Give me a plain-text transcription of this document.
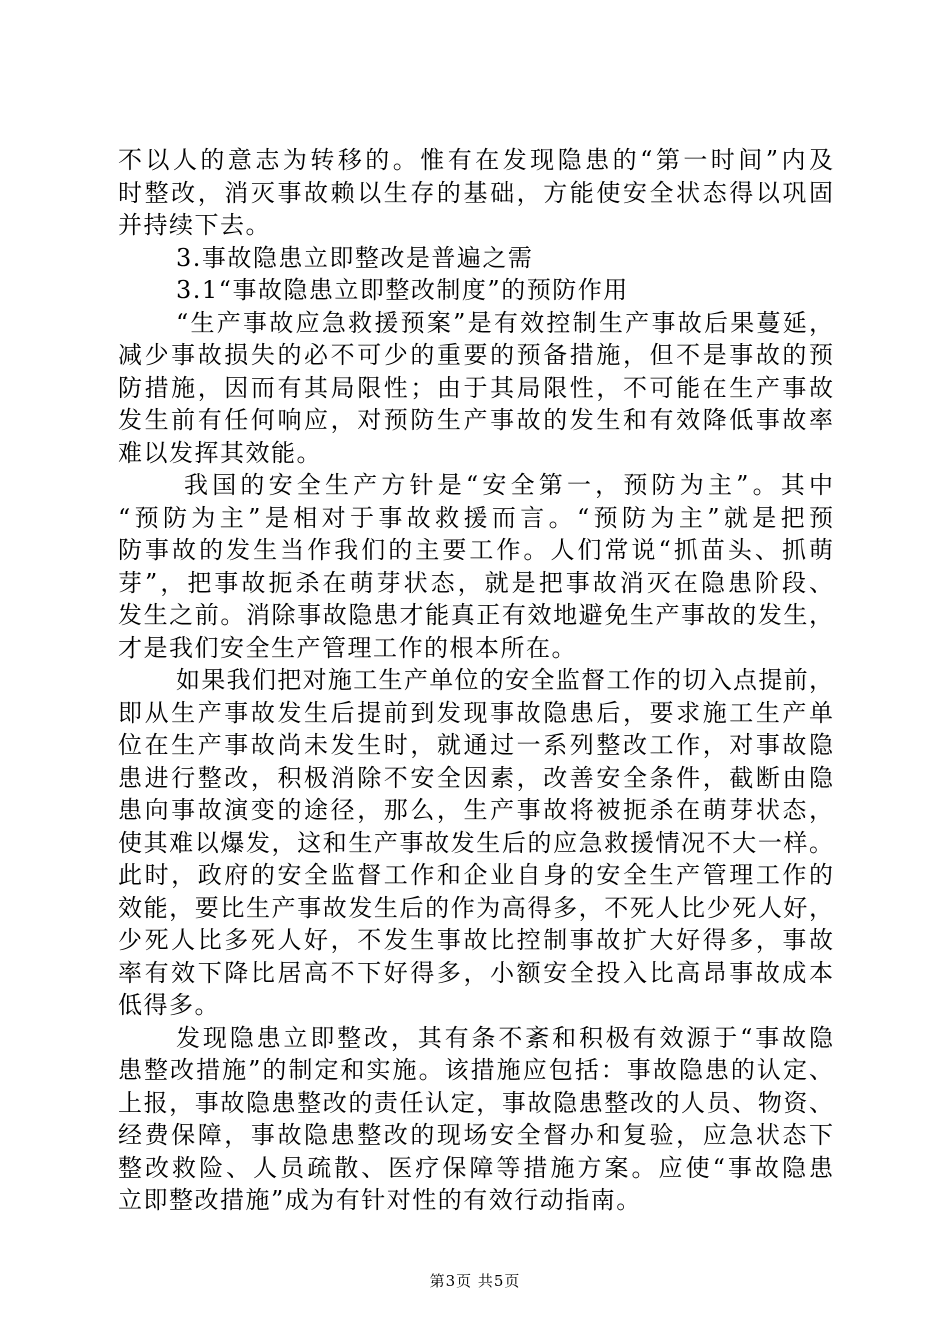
不以人的意志为转移的。惟有在发现隐患的“第一时间”内及
时整改，消灭事故赖以生存的基础，方能使安全状态得以巩固
并持续下去。
3.事故隐患立即整改是普遍之需
3.1“事故隐患立即整改制度”的预防作用
“生产事故应急救援预案”是有效控制生产事故后果蔓延，
减少事故损失的必不可少的重要的预备措施，但不是事故的预
防措施，因而有其局限性；由于其局限性，不可能在生产事故
发生前有任何响应，对预防生产事故的发生和有效降低事故率
难以发挥其效能。
我国的安全生产方针是“安全第一，预防为主”。其中
“预防为主”是相对于事故救援而言。“预防为主”就是把预
防事故的发生当作我们的主要工作。人们常说“抓苗头、抓萌
芽”，把事故扼杀在萌芽状态，就是把事故消灭在隐患阶段、
发生之前。消除事故隐患才能真正有效地避免生产事故的发生，
才是我们安全生产管理工作的根本所在。
如果我们把对施工生产单位的安全监督工作的切入点提前，
即从生产事故发生后提前到发现事故隐患后，要求施工生产单
位在生产事故尚未发生时，就通过一系列整改工作，对事故隐
患进行整改，积极消除不安全因素，改善安全条件，截断由隐
患向事故演变的途径，那么，生产事故将被扼杀在萌芽状态，
使其难以爆发，这和生产事故发生后的应急救援情况不大一样。
此时，政府的安全监督工作和企业自身的安全生产管理工作的
效能，要比生产事故发生后的作为高得多，不死人比少死人好，
少死人比多死人好，不发生事故比控制事故扩大好得多，事故
率有效下降比居高不下好得多，小额安全投入比高昂事故成本
低得多。
发现隐患立即整改，其有条不紊和积极有效源于“事故隐
患整改措施”的制定和实施。该措施应包括：事故隐患的认定、
上报，事故隐患整改的责任认定，事故隐患整改的人员、物资、
经费保障，事故隐患整改的现场安全督办和复验，应急状态下
整改救险、人员疏散、医疗保障等措施方案。应使“事故隐患
立即整改措施”成为有针对性的有效行动指南。
第3页 共5页
